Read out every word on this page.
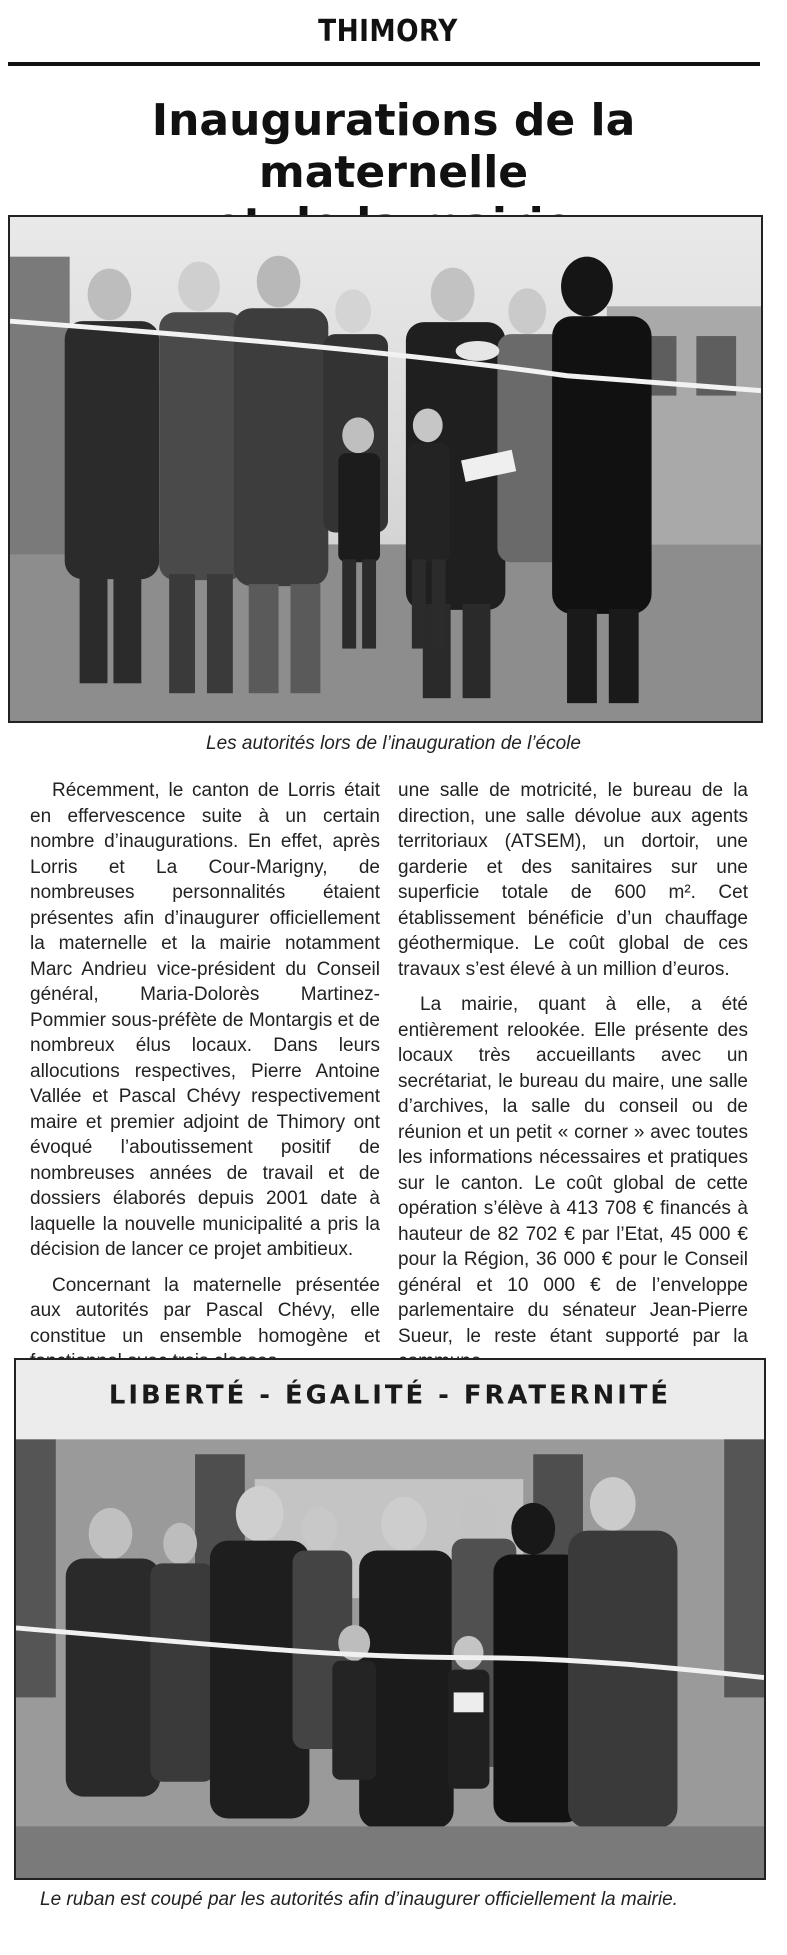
THIMORY
Inaugurations de la maternelle
Les autorités lors de l’inauguration de l’école

Récemment, le canton de Lorris était en effervescence suite à un certain nombre d’inaugurations. En effet, après Lorris et La Cour-Marigny, de nombreuses personnalités étaient présentes afin d’inaugurer officiellement la maternelle et la mairie notamment Marc Andrieu vice-président du Conseil général, Maria-Dolorès Martinez-Pommier sous-préfète de Montargis et de nombreux élus locaux. Dans leurs allocutions respectives, Pierre Antoine Vallée et Pascal Chévy respectivement maire et premier adjoint de Thimory ont évoqué l’aboutissement positif de nombreuses années de travail et de dossiers élaborés depuis 2001 date à laquelle la nouvelle municipalité a pris la décision de lancer ce projet ambitieux.

Concernant la maternelle présentée aux autorités par Pascal Chévy, elle constitue un ensemble homogène et

une salle de motricité, le bureau de la direction, une salle dévolue aux agents territoriaux (ATSEM), un dortoir, une garderie et des sanitaires sur une superficie totale de 600 m². Cet établissement bénéficie d’un chauffage géothermique. Le coût global de ces travaux s’est élevé à un million d’euros.

La mairie, quant à elle, a été entièrement relookée. Elle présente des locaux très accueillants avec un secrétariat, le bureau du maire, une salle d’archives, la salle du conseil ou de réunion et un petit « corner » avec toutes les informations nécessaires et pratiques sur le canton. Le coût global de cette opération s’élève à 413 708 € financés à hauteur de 82 702 € par l’Etat, 45 000 € pour la Région, 36 000 € pour le Conseil général et 10 000 € de l’enveloppe parlementaire du sénateur Jean-Pierre Sueur, le reste étant supporté par la

LIBERTÉ - ÉGALITÉ - FRATERNITÉ
Le ruban est coupé par les autorités afin d’inaugurer officiellement la mairie.
